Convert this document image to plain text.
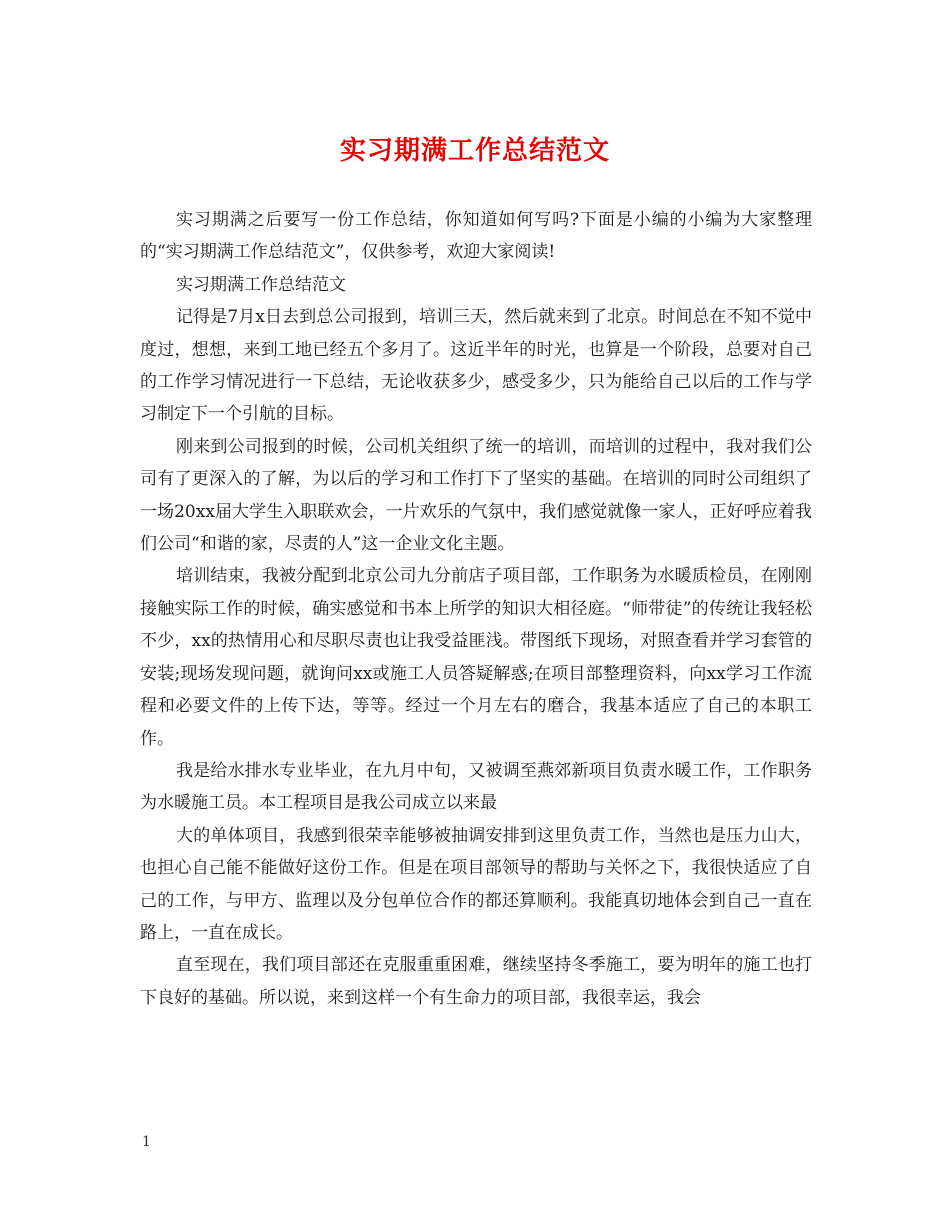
实习期满工作总结范文

实习期满之后要写一份工作总结，你知道如何写吗?下面是小编的小编为大家整理的“实习期满工作总结范文”，仅供参考，欢迎大家阅读!

实习期满工作总结范文

记得是7月x日去到总公司报到，培训三天，然后就来到了北京。时间总在不知不觉中度过，想想，来到工地已经五个多月了。这近半年的时光，也算是一个阶段，总要对自己的工作学习情况进行一下总结，无论收获多少，感受多少，只为能给自己以后的工作与学习制定下一个引航的目标。

刚来到公司报到的时候，公司机关组织了统一的培训，而培训的过程中，我对我们公司有了更深入的了解，为以后的学习和工作打下了坚实的基础。在培训的同时公司组织了一场20xx届大学生入职联欢会，一片欢乐的气氛中，我们感觉就像一家人，正好呼应着我们公司“和谐的家，尽责的人”这一企业文化主题。

培训结束，我被分配到北京公司九分前店子项目部，工作职务为水暖质检员，在刚刚接触实际工作的时候，确实感觉和书本上所学的知识大相径庭。“师带徒”的传统让我轻松不少，xx的热情用心和尽职尽责也让我受益匪浅。带图纸下现场，对照查看并学习套管的安装;现场发现问题，就询问xx或施工人员答疑解惑;在项目部整理资料，向xx学习工作流程和必要文件的上传下达，等等。经过一个月左右的磨合，我基本适应了自己的本职工作。

我是给水排水专业毕业，在九月中旬，又被调至燕郊新项目负责水暖工作，工作职务为水暖施工员。本工程项目是我公司成立以来最

大的单体项目，我感到很荣幸能够被抽调安排到这里负责工作，当然也是压力山大，也担心自己能不能做好这份工作。但是在项目部领导的帮助与关怀之下，我很快适应了自己的工作，与甲方、监理以及分包单位合作的都还算顺利。我能真切地体会到自己一直在路上，一直在成长。

直至现在，我们项目部还在克服重重困难，继续坚持冬季施工，要为明年的施工也打下良好的基础。所以说，来到这样一个有生命力的项目部，我很幸运，我会

1
